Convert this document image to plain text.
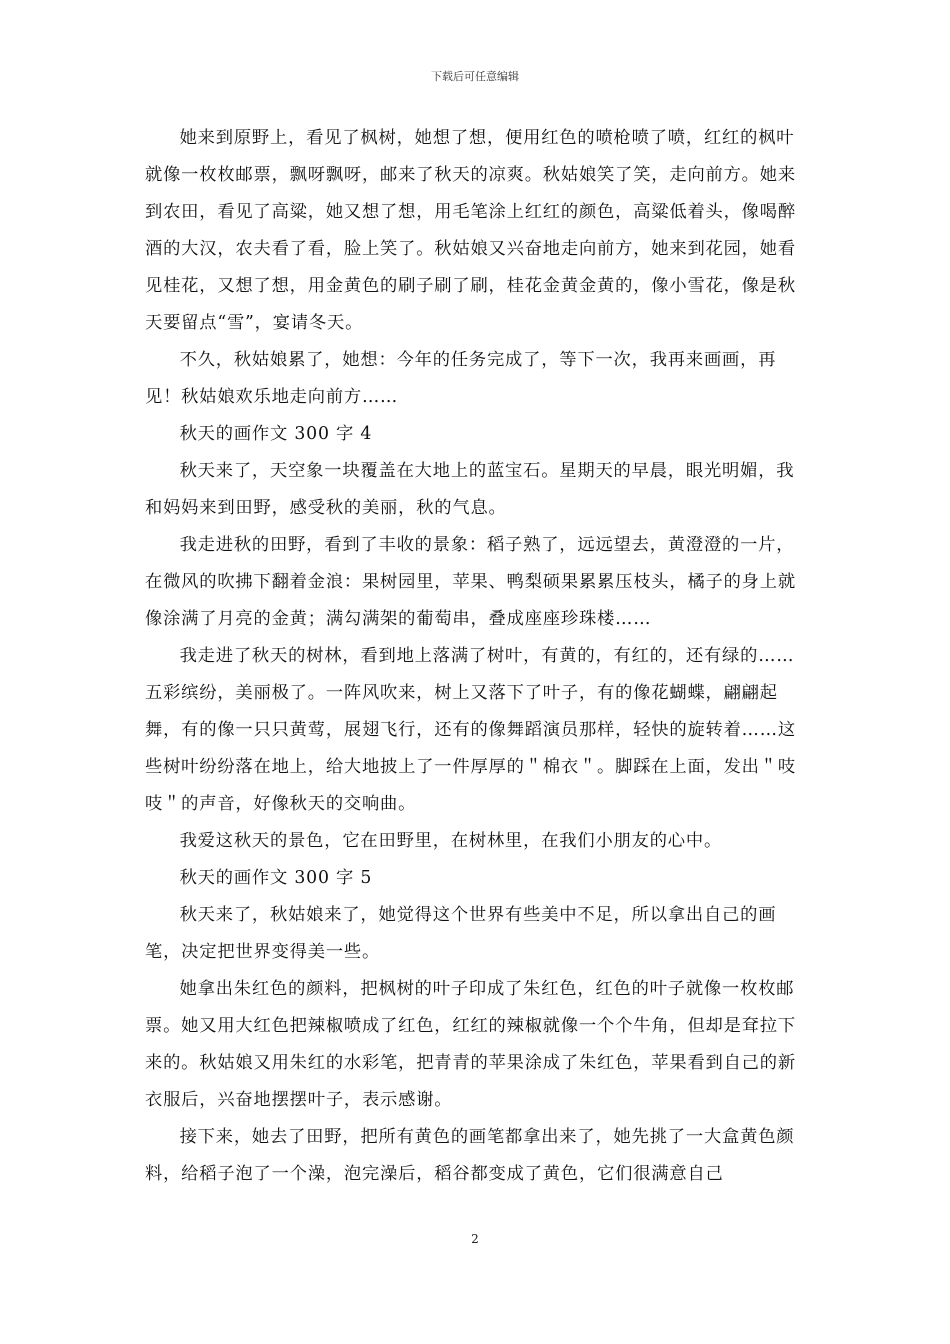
下载后可任意编辑

她来到原野上，看见了枫树，她想了想，便用红色的喷枪喷了喷，红红的枫叶就像一枚枚邮票，飘呀飘呀，邮来了秋天的凉爽。秋姑娘笑了笑，走向前方。她来到农田，看见了高粱，她又想了想，用毛笔涂上红红的颜色，高粱低着头，像喝醉酒的大汉，农夫看了看，脸上笑了。秋姑娘又兴奋地走向前方，她来到花园，她看见桂花，又想了想，用金黄色的刷子刷了刷，桂花金黄金黄的，像小雪花，像是秋天要留点“雪”，宴请冬天。

不久，秋姑娘累了，她想：今年的任务完成了，等下一次，我再来画画，再见！秋姑娘欢乐地走向前方……

秋天的画作文 300 字 4

秋天来了，天空象一块覆盖在大地上的蓝宝石。星期天的早晨，眼光明媚，我和妈妈来到田野，感受秋的美丽，秋的气息。

我走进秋的田野，看到了丰收的景象：稻子熟了，远远望去，黄澄澄的一片，在微风的吹拂下翻着金浪：果树园里，苹果、鸭梨硕果累累压枝头，橘子的身上就像涂满了月亮的金黄；满勾满架的葡萄串，叠成座座珍珠楼……

我走进了秋天的树林，看到地上落满了树叶，有黄的，有红的，还有绿的……五彩缤纷，美丽极了。一阵风吹来，树上又落下了叶子，有的像花蝴蝶，翩翩起舞，有的像一只只黄莺，展翅飞行，还有的像舞蹈演员那样，轻快的旋转着……这些树叶纷纷落在地上，给大地披上了一件厚厚的＂棉衣＂。脚踩在上面，发出＂吱吱＂的声音，好像秋天的交响曲。

我爱这秋天的景色，它在田野里，在树林里，在我们小朋友的心中。

秋天的画作文 300 字 5

秋天来了，秋姑娘来了，她觉得这个世界有些美中不足，所以拿出自己的画笔，决定把世界变得美一些。

她拿出朱红色的颜料，把枫树的叶子印成了朱红色，红色的叶子就像一枚枚邮票。她又用大红色把辣椒喷成了红色，红红的辣椒就像一个个牛角，但却是耷拉下来的。秋姑娘又用朱红的水彩笔，把青青的苹果涂成了朱红色，苹果看到自己的新衣服后，兴奋地摆摆叶子，表示感谢。

接下来，她去了田野，把所有黄色的画笔都拿出来了，她先挑了一大盒黄色颜料，给稻子泡了一个澡，泡完澡后，稻谷都变成了黄色，它们很满意自己

2
